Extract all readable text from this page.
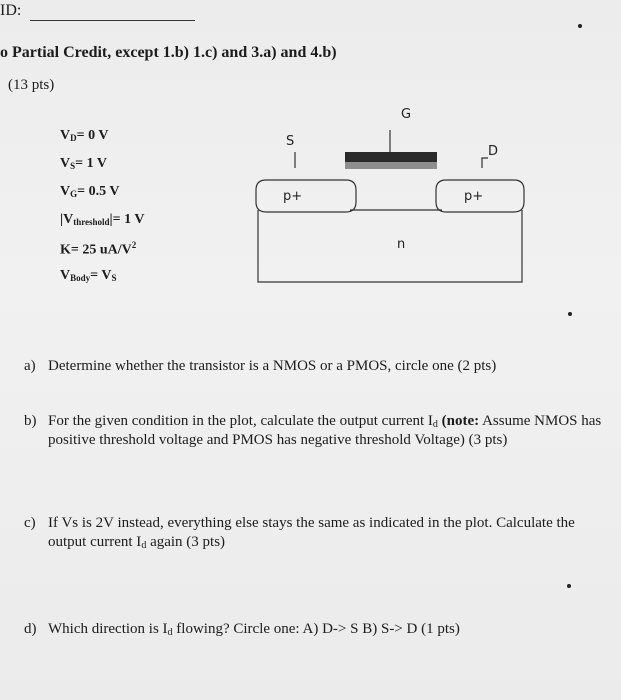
ID:
o Partial Credit, except 1.b) 1.c) and 3.a) and 4.b)
(13 pts)
$V_D= 0$ V
$V_S= 1$ V
$V_G= 0.5$ V
$|V_{threshold}|= 1$ V
K= 25 $uA/V^2$
$V_{Body}= V_S$
G
S
D
p+	p+
n
a) Determine whether the transistor is a NMOS or a PMOS, circle one (2 pts)
b) For the given condition in the plot, calculate the output current $I_d$ (note: Assume NMOS has
positive threshold voltage and PMOS has negative threshold Voltage) (3 pts)
c) If Vs is 2V instead, everything else stays the same as indicated in the plot. Calculate the
output current $I_d$ again (3 pts)
d) Which direction is $I_d$ flowing? Circle one: A) D-> S B) S-> D (1 pts)
